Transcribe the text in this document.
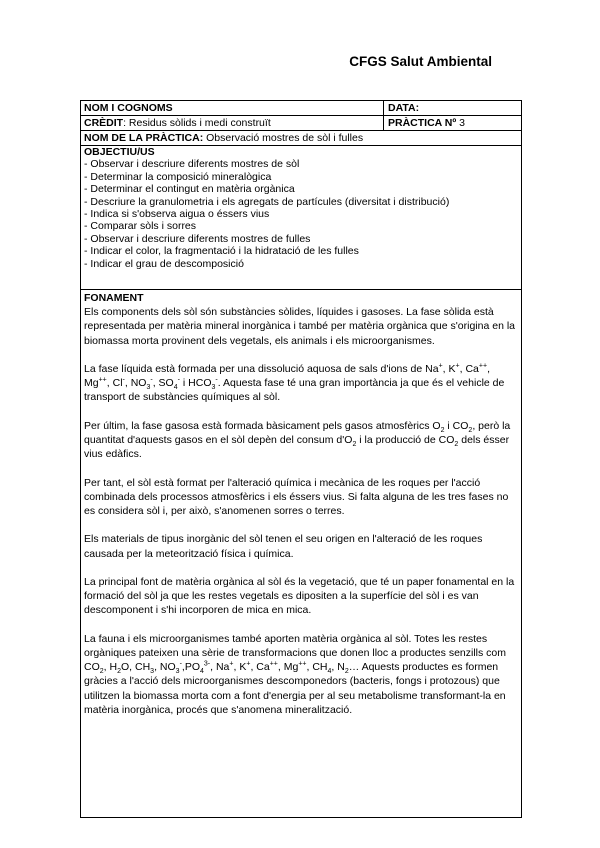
CFGS Salut Ambiental
NOM I COGNOMS	DATA:
CRÈDIT: Residus sòlids i medi construït	PRÀCTICA Nº 3
NOM DE LA PRÀCTICA: Observació mostres de sòl i fulles
OBJECTIU/US
- Observar i descriure diferents mostres de sòl
- Determinar la composició mineralògica
- Determinar el contingut en matèria orgànica
- Descriure la granulometria i els agregats de partícules (diversitat i distribució)
- Indica si s'observa aigua o éssers vius
- Comparar sòls i sorres
- Observar i descriure diferents mostres de fulles
- Indicar el color, la fragmentació i la hidratació de les fulles
- Indicar el grau de descomposició
FONAMENT

Els components dels sòl són substàncies sòlides, líquides i gasoses. La fase sòlida està representada per matèria mineral inorgànica i també per matèria orgànica que s'origina en la biomassa morta provinent dels vegetals, els animals i els microorganismes.

La fase líquida està formada per una dissolució aquosa de sals d'ions de Na+, K+, Ca++, Mg++, Cl-, $NO_3^-$, $SO_4^-$ i $HCO_3^-$. Aquesta fase té una gran importància ja que és el vehicle de transport de substàncies químiques al sòl.

Per últim, la fase gasosa està formada bàsicament pels gasos atmosfèrics $O_2$ i $CO_2$, però la quantitat d'aquests gasos en el sòl depèn del consum $d'O_2$ i la producció de $CO_2$ dels ésser vius edàfics.

Per tant, el sòl està format per l'alteració química i mecànica de les roques per l'acció combinada dels processos atmosfèrics i els éssers vius. Si falta alguna de les tres fases no es considera sòl i, per això, s'anomenen sorres o terres.

Els materials de tipus inorgànic del sòl tenen el seu origen en l'alteració de les roques causada per la meteorització física i química.

La principal font de matèria orgànica al sòl és la vegetació, que té un paper fonamental en la formació del sòl ja que les restes vegetals es dipositen a la superfície del sòl i es van descomponent i s'hi incorporen de mica en mica.

La fauna i els microorganismes també aporten matèria orgànica al sòl. Totes les restes orgàniques pateixen una sèrie de transformacions que donen lloc a productes senzills com $CO_2$, $H_2O$, $CH_3$, $NO_3^-,PO_4^{3-}$, Na+, K+, Ca++, Mg++, $CH_4$, $N_2\dots$ Aquests productes es formen gràcies a l'acció dels microorganismes descomponedors (bacteris, fongs i protozous) que utilitzen la biomassa morta com a font d'energia per al seu metabolisme transformant-la en matèria inorgànica, procés que s'anomena mineralització.
